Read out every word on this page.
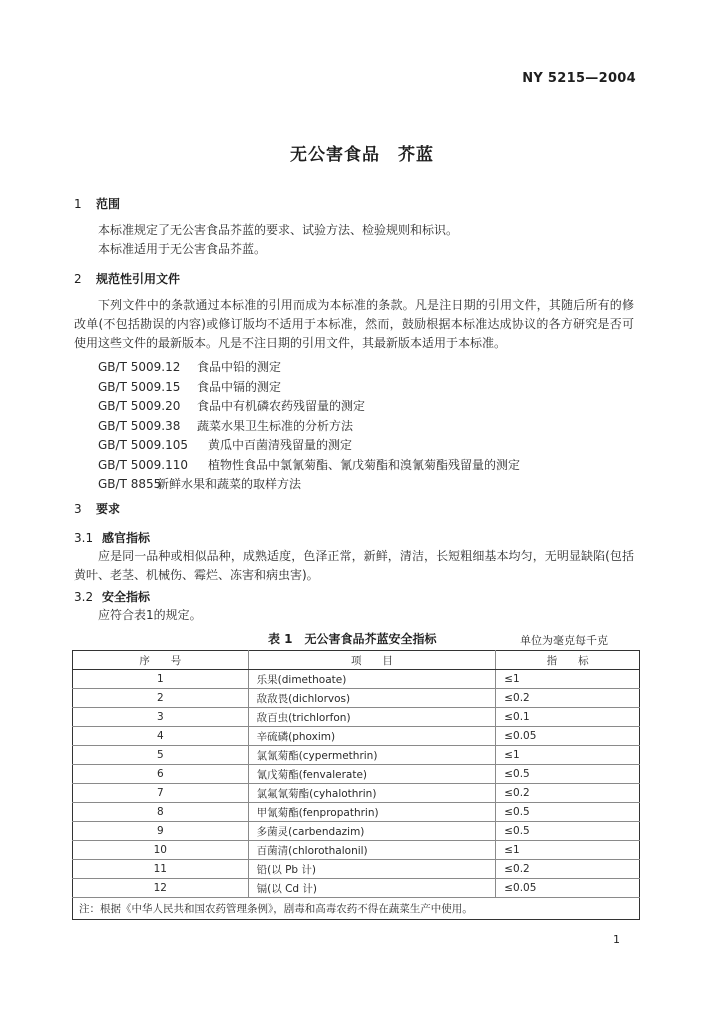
NY 5215—2004
无公害食品　芥蓝
1 范围
本标准规定了无公害食品芥蓝的要求、试验方法、检验规则和标识。
本标准适用于无公害食品芥蓝。
2 规范性引用文件
下列文件中的条款通过本标准的引用而成为本标准的条款。凡是注日期的引用文件，其随后所有的修改单(不包括勘误的内容)或修订版均不适用于本标准，然而，鼓励根据本标准达成协议的各方研究是否可使用这些文件的最新版本。凡是不注日期的引用文件，其最新版本适用于本标准。
GB/T 5009.12 食品中铅的测定
GB/T 5009.15 食品中镉的测定
GB/T 5009.20 食品中有机磷农药残留量的测定
GB/T 5009.38 蔬菜水果卫生标准的分析方法
GB/T 5009.105 黄瓜中百菌清残留量的测定
GB/T 5009.110 植物性食品中氯氰菊酯、氰戊菊酯和溴氰菊酯残留量的测定
GB/T 8855新鲜水果和蔬菜的取样方法
3 要求
3.1 感官指标
应是同一品种或相似品种，成熟适度，色泽正常，新鲜，清洁，长短粗细基本均匀，无明显缺陷(包括黄叶、老茎、机械伤、霉烂、冻害和病虫害)。
3.2 安全指标
应符合表1的规定。
表 1　无公害食品芥蓝安全指标	单位为毫克每千克
序　　号	项　　目	指　　标
1	乐果(dimethoate)	≤1
2	敌敌畏(dichlorvos)	≤0.2
3	敌百虫(trichlorfon)	≤0.1
4	辛硫磷(phoxim)	≤0.05
5	氯氰菊酯(cypermethrin)	≤1
6	氰戊菊酯(fenvalerate)	≤0.5
7	氯氟氰菊酯(cyhalothrin)	≤0.2
8	甲氰菊酯(fenpropathrin)	≤0.5
9	多菌灵(carbendazim)	≤0.5
10	百菌清(chlorothalonil)	≤1
11	铅(以 Pb 计)	≤0.2
12	镉(以 Cd 计)	≤0.05
注：根据《中华人民共和国农药管理条例》，剧毒和高毒农药不得在蔬菜生产中使用。		
1
